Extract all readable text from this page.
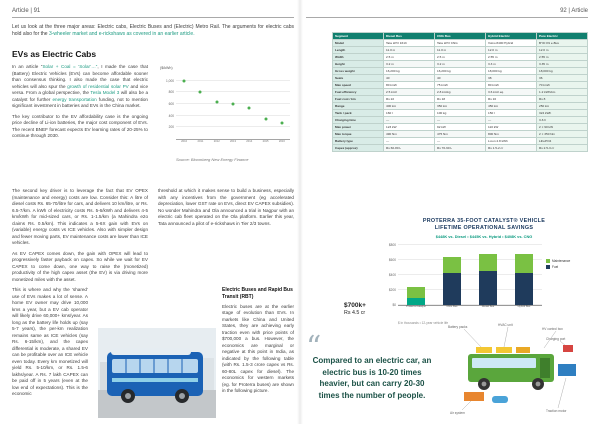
Article | 91

Let us look at the three major areas: Electric cabs, Electric Buses and (Electric) Metro Rail. The arguments for electric cabs hold also for the 3-wheeler market and e-rickshaws as covered in an earlier article.

EVs as Electric Cabs

In an article “Solar + Coal = ‘Solar’…”, I made the case that (Battery) Electric Vehicles (EVs) can become affordable sooner than consensus thinking. I also made the case that electric vehicles will also spur the growth of residential solar PV and vice versa. From a global perspective, the Tesla Model 3 will also be a catalyst for further energy transportation funding, not to mention significant investment in batteries and EVs in the China market.

The key contributor to the EV affordability case is the ongoing price decline of Li-ion batteries, the major cost component of EVs. The recent BNEF forecast expects EV learning rates of 20-25% to continue through 2030.

($/kWh)
200
400
600
800
1,000
2010	2011	2012	2013	2014	2015	2016
Source: Bloomberg New Energy Finance

The second key driver is to leverage the fact that EV OPEX (maintenance and energy) costs are low. Consider this: A litre of diesel costs Rs. 65-70/litre for cars, and delivers 10 km/litre, or Rs. 6.5-7/km. A kWh of electricity costs Rs. 5-6/kWh and delivers 4-5 km/kWh for mid-sized cars, or Rs. 1-1.5/km (a Mahindra e2o claims Rs. 0.5/km). This indicates a 5-6X gain with EVs on (variable) energy costs vs ICE vehicles. Also with simpler design and fewer moving parts, EV maintenance costs are lower than ICE vehicles.

As EV CAPEX comes down, the gain with OPEX will lead to progressively faster payback on capex. So while we wait for EV CAPEX to come down, one way to raise the (monetized) productivity of the high capex asset (the EV) is via driving more monetized miles with the asset.

This is where and why the ‘shared’ use of EVs makes a lot of sense. A home EV owner may drive 10,000 kms a year, but a EV cab operator will likely drive 60,000+ kms/year. As long as the battery life holds up (say 5-7 years), the per-km realization remains same as ICE vehicles (say Rs. 6-15/km), and the capex differential is moderate, a shared EV can be profitable over an ICE vehicle even today. Every km monetized will yield Rs. 5-10/km, or Rs. 1.5-6 lakhs/year. A Rs. 7 lakh CAPEX can be paid off in 5 years (even at the low end of expectations). This is the economic

threshold at which it makes sense to build a business, especially with any incentives from the government (eg accelerated depreciation, lower GST rate on EVs, direct EV CAPEX subsidies). No wonder Mahindra and Ola announced a trial in Nagpur with an electric cab fleet operated on the Ola platform. Earlier this year, Tata announced a pilot of e-rickshaws in Tier 2/3 towns.

Electric Buses and Rapid Bus Transit (RBT)

Electric buses are at the earlier stage of evolution than EVs. In markets like China and United States, they are achieving early traction even with price points of $700,000 a bus. However, the economics are marginal or negative at this point in India, as indicated by the following table (with Rs. 1.5-3 crore capex vs Rs. 60-80L capex for diesel). The economics for western markets (eg. for Proterra buses) are shown in the following picture.

92 | Article
Segment	Diesel Bus	CNG Bus	Hybrid Electric	Pure Electric
Model	Tata LPO 1613	Tata LPO CNG	Volvo 8400 Hybrid	BYD K9 e-Bus
Length	11.0 m	11.0 m	12.0 m	12.0 m
Width	2.5 m	2.5 m	2.55 m	2.55 m
Height	3.2 m	3.2 m	3.3 m	3.35 m
Gross weight	16,200 kg	16,200 kg	18,000 kg	18,000 kg
Seats	40	40	38	36
Max speed	80 km/h	75 km/h	80 km/h	70 km/h
Fuel efficiency	2.5 km/l	2.8 km/kg	3.6 km/l eq.	1.2 kWh/km
Fuel cost / km	Rs 22	Rs 18	Rs 16	Rs 8
Range	400 km	350 km	450 km	250 km
Tank / pack	160 l	100 kg	150 l	324 kWh
Charging time	—	—	—	3-6 h
Max power	123 kW	92 kW	110 kW	2 × 90 kW
Max torque	490 Nm	475 Nm	800 Nm	2 × 350 Nm
Battery type	—	—	Li-ion 4.8 kWh	LiFePO4
Capex (approx)	Rs 60-80 L	Rs 70-90 L	Rs 1.5-2 cr	Rs 2.5-3 cr
PROTERRA 35-FOOT CATALYST® VEHICLE
LIFETIME OPERATIONAL SAVINGS
$448K vs. Diesel • $445K vs. Hybrid • $408K vs. CNG
$0
$200
$400
$600
$800
Proterra Catalyst	CNG Bus	Diesel Bus	Hybrid Bus
Maintenance
Fuel
$ in thousands • 12-year vehicle life
$700k+
Rs 4.5 cr
“
Compared to an electric car, an electric bus is 10-20 times heavier, but can carry 20-30 times the number of people.
Battery packs	HVAC unit
HV control box
Charging port
Traction motor
Air system
